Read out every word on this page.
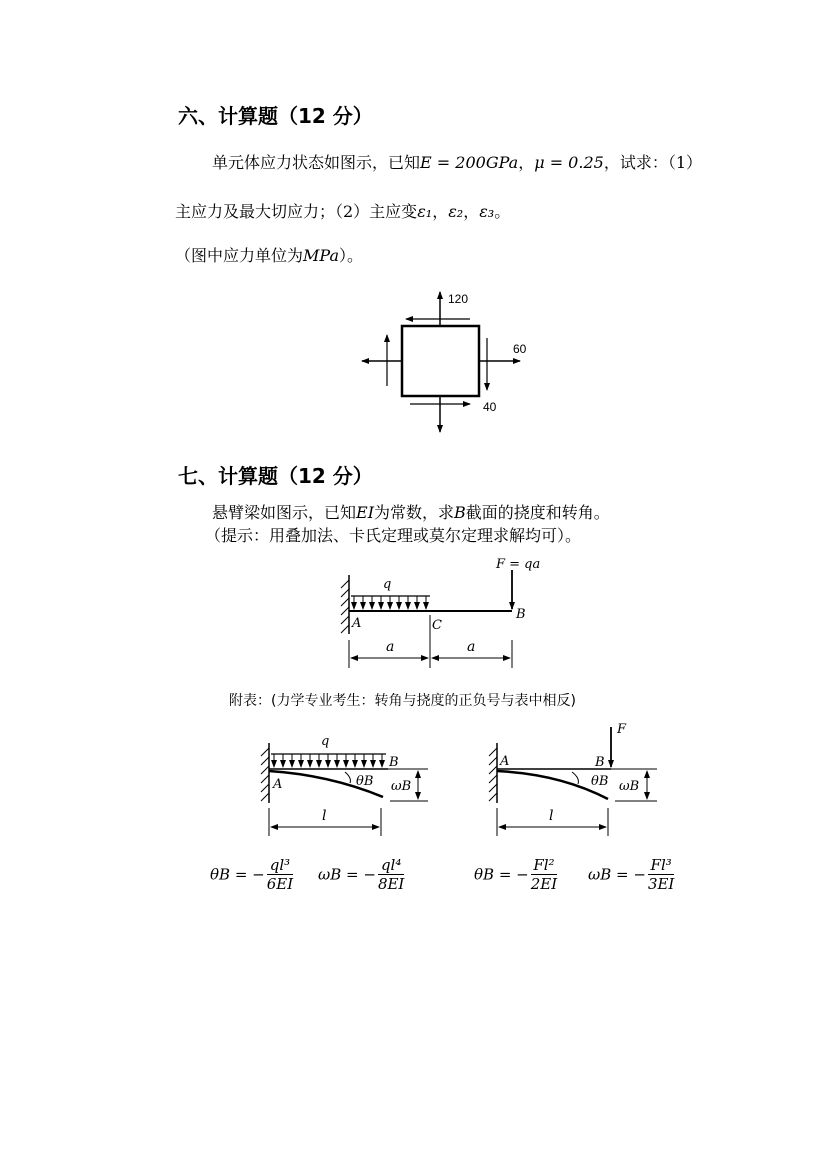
六、计算题（12 分）
单元体应力状态如图示，已知E = 200GPa，μ = 0.25，试求：（1）
主应力及最大切应力；（2）主应变ε₁，ε₂，ε₃。
（图中应力单位为MPa）。
120
60
40
七、计算题（12 分）
悬臂梁如图示，已知EI为常数，求B截面的挠度和转角。
（提示：用叠加法、卡氏定理或莫尔定理求解均可）。
q
F = qa
A	C
B
a	a
附表：(力学专业考生：转角与挠度的正负号与表中相反)
q
A
B
θB ωB
l
F
A	B
θB ωB
l
θB = − $\frac{\text{ql³}}{6EI}$ ωB = − $\frac{\text{ql⁴}}{8EI}$	θB = − $\frac{\text{Fl²}}{2EI}$ ωB = − $\frac{\text{Fl³}}{3EI}$
